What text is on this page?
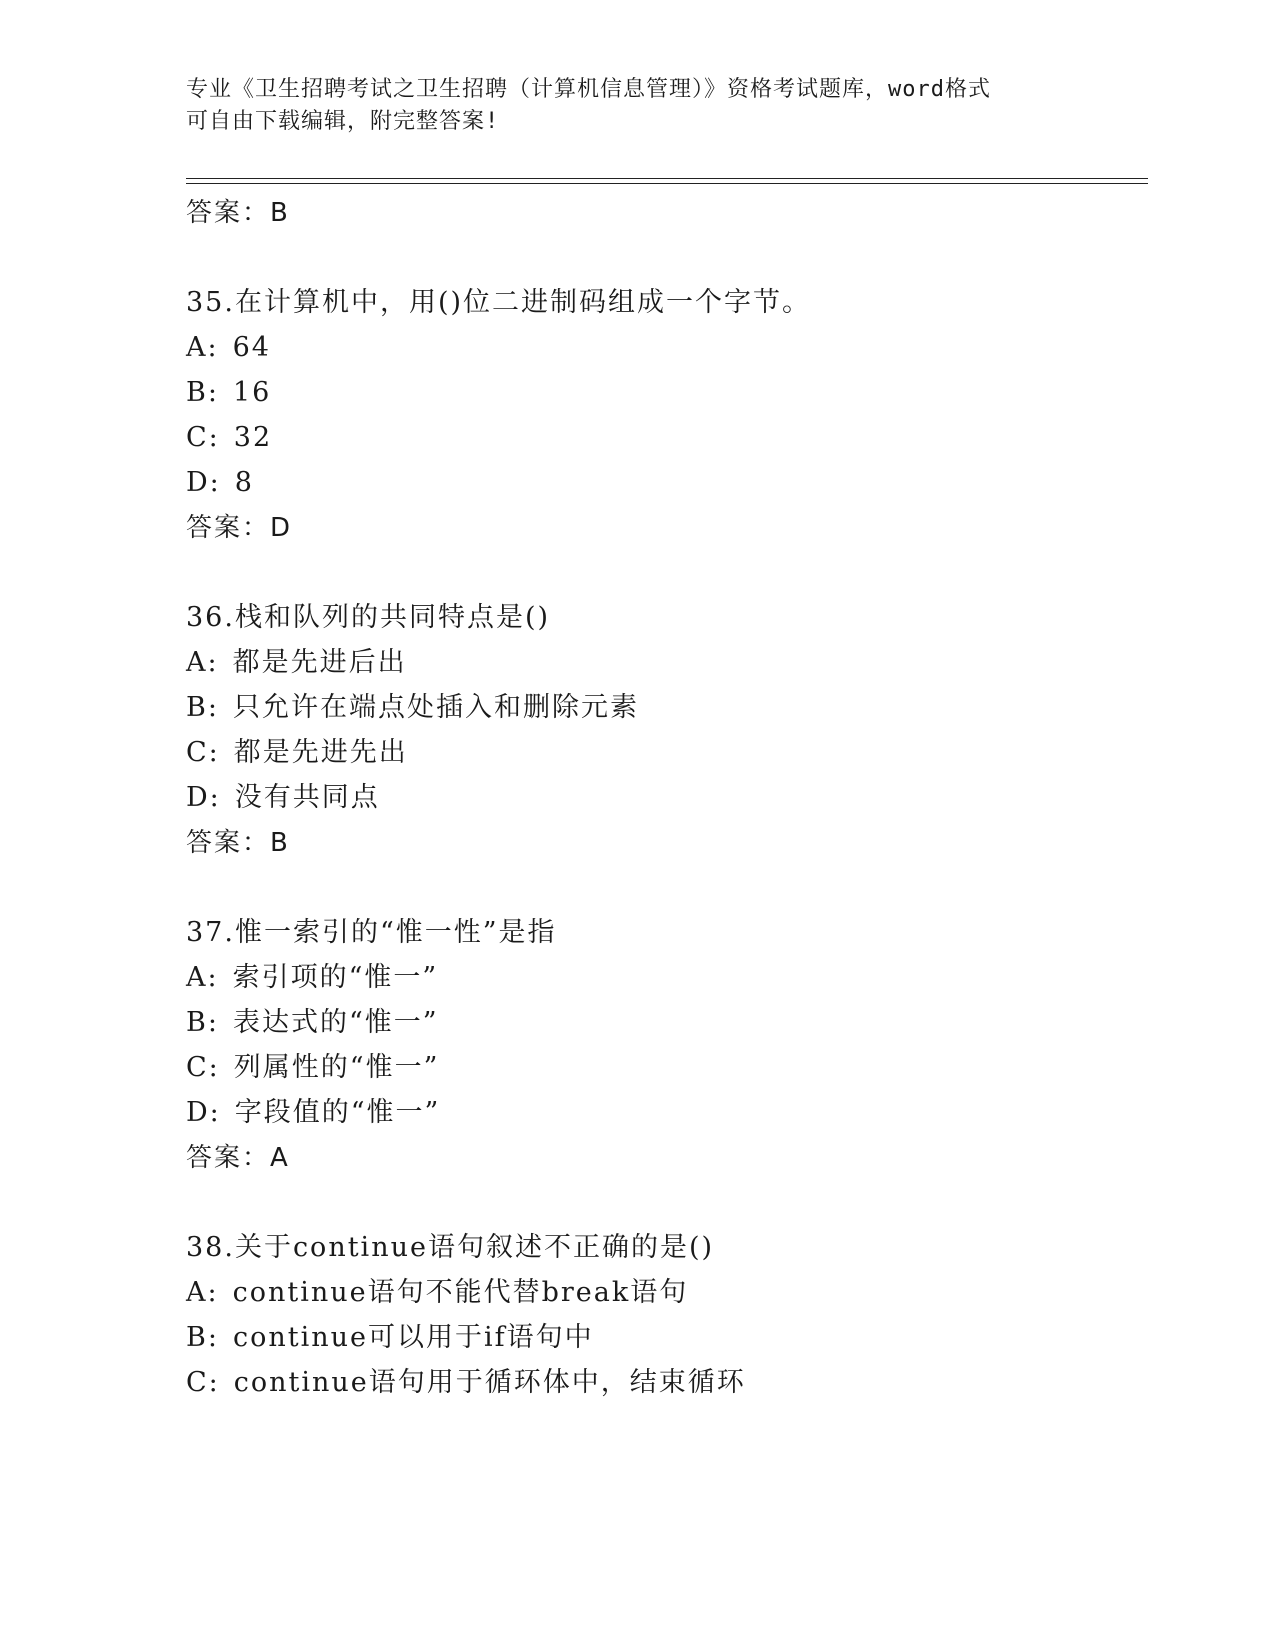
专业《卫生招聘考试之卫生招聘（计算机信息管理）》资格考试题库，word格式
可自由下载编辑，附完整答案!
答案：B
35.在计算机中，用()位二进制码组成一个字节。
A: 64
B: 16
C: 32
D: 8
答案：D
36.栈和队列的共同特点是()
A: 都是先进后出
B: 只允许在端点处插入和删除元素
C: 都是先进先出
D: 没有共同点
答案：B
37.惟一索引的“惟一性”是指
A: 索引项的“惟一”
B: 表达式的“惟一”
C: 列属性的“惟一”
D: 字段值的“惟一”
答案：A
38.关于continue语句叙述不正确的是()
A: continue语句不能代替break语句
B: continue可以用于if语句中
C: continue语句用于循环体中，结束循环
